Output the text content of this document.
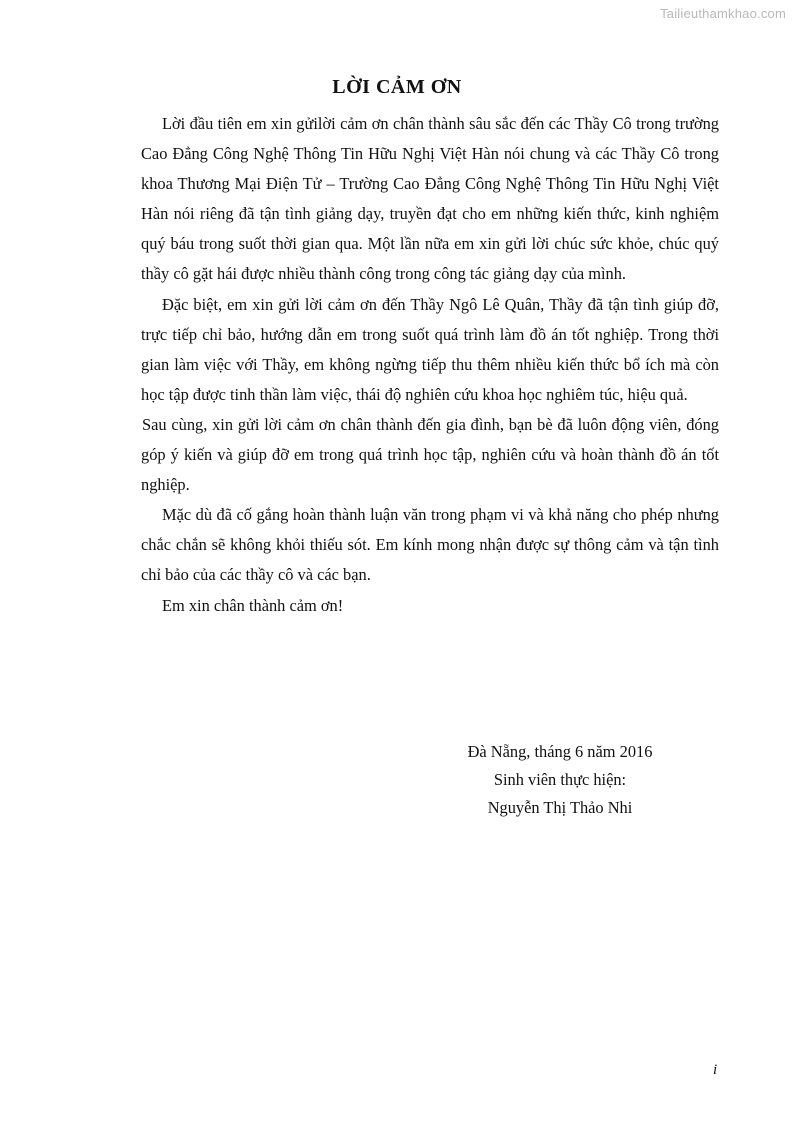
Tailieuthamkhao.com
LỜI CẢM ƠN

Lời đầu tiên em xin gửilời cảm ơn chân thành sâu sắc đến các Thầy Cô trong trường Cao Đẳng Công Nghệ Thông Tin Hữu Nghị Việt Hàn nói chung và các Thầy Cô trong khoa Thương Mại Điện Tử – Trường Cao Đẳng Công Nghệ Thông Tin Hữu Nghị Việt Hàn nói riêng đã tận tình giảng dạy, truyền đạt cho em những kiến thức, kinh nghiệm quý báu trong suốt thời gian qua. Một lần nữa em xin gửi lời chúc sức khỏe, chúc quý thầy cô gặt hái được nhiều thành công trong công tác giảng dạy của mình.

Đặc biệt, em xin gửi lời cảm ơn đến Thầy Ngô Lê Quân, Thầy đã tận tình giúp đỡ, trực tiếp chỉ bảo, hướng dẫn em trong suốt quá trình làm đồ án tốt nghiệp. Trong thời gian làm việc với Thầy, em không ngừng tiếp thu thêm nhiều kiến thức bổ ích mà còn học tập được tinh thần làm việc, thái độ nghiên cứu khoa học nghiêm túc, hiệu quả.

Sau cùng, xin gửi lời cảm ơn chân thành đến gia đình, bạn bè đã luôn động viên, đóng góp ý kiến và giúp đỡ em trong quá trình học tập, nghiên cứu và hoàn thành đồ án tốt nghiệp.

Mặc dù đã cố gắng hoàn thành luận văn trong phạm vi và khả năng cho phép nhưng chắc chắn sẽ không khỏi thiếu sót. Em kính mong nhận được sự thông cảm và tận tình chỉ bảo của các thầy cô và các bạn.

Em xin chân thành cảm ơn!

Đà Nẵng, tháng 6 năm 2016
Sinh viên thực hiện:
Nguyễn Thị Thảo Nhi
i
